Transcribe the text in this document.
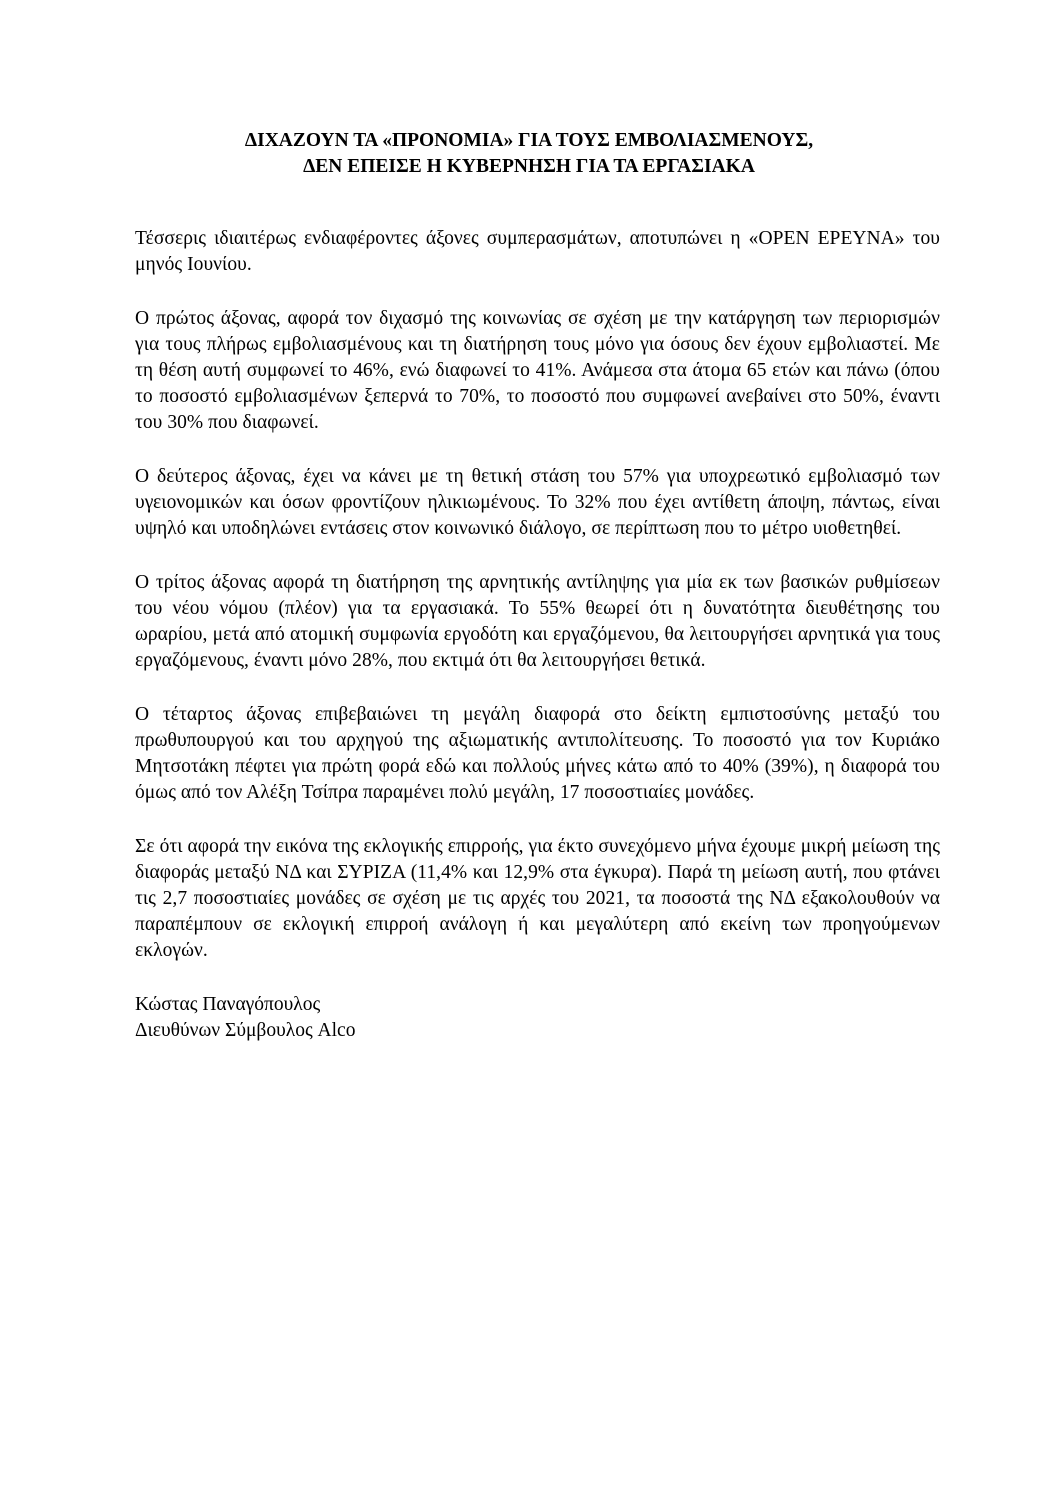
ΔΙΧΑΖΟΥΝ ΤΑ «ΠΡΟΝΟΜΙΑ» ΓΙΑ ΤΟΥΣ ΕΜΒΟΛΙΑΣΜΕΝΟΥΣ,
ΔΕΝ ΕΠΕΙΣΕ Η ΚΥΒΕΡΝΗΣΗ ΓΙΑ ΤΑ ΕΡΓΑΣΙΑΚΑ

Τέσσερις ιδιαιτέρως ενδιαφέροντες άξονες συμπερασμάτων, αποτυπώνει η «OPEN ΕΡΕΥΝΑ» του μηνός Ιουνίου.

Ο πρώτος άξονας, αφορά τον διχασμό της κοινωνίας σε σχέση με την κατάργηση των περιορισμών για τους πλήρως εμβολιασμένους και τη διατήρηση τους μόνο για όσους δεν έχουν εμβολιαστεί. Με τη θέση αυτή συμφωνεί το 46%, ενώ διαφωνεί το 41%. Ανάμεσα στα άτομα 65 ετών και πάνω (όπου το ποσοστό εμβολιασμένων ξεπερνά το 70%, το ποσοστό που συμφωνεί ανεβαίνει στο 50%, έναντι του 30% που διαφωνεί.

Ο δεύτερος άξονας, έχει να κάνει με τη θετική στάση του 57% για υποχρεωτικό εμβολιασμό των υγειονομικών και όσων φροντίζουν ηλικιωμένους. Το 32% που έχει αντίθετη άποψη, πάντως, είναι υψηλό και υποδηλώνει εντάσεις στον κοινωνικό διάλογο, σε περίπτωση που το μέτρο υιοθετηθεί.

Ο τρίτος άξονας αφορά τη διατήρηση της αρνητικής αντίληψης για μία εκ των βασικών ρυθμίσεων του νέου νόμου (πλέον) για τα εργασιακά. Το 55% θεωρεί ότι η δυνατότητα διευθέτησης του ωραρίου, μετά από ατομική συμφωνία εργοδότη και εργαζόμενου, θα λειτουργήσει αρνητικά για τους εργαζόμενους, έναντι μόνο 28%, που εκτιμά ότι θα λειτουργήσει θετικά.

Ο τέταρτος άξονας επιβεβαιώνει τη μεγάλη διαφορά στο δείκτη εμπιστοσύνης μεταξύ του πρωθυπουργού και του αρχηγού της αξιωματικής αντιπολίτευσης. Το ποσοστό για τον Κυριάκο Μητσοτάκη πέφτει για πρώτη φορά εδώ και πολλούς μήνες κάτω από το 40% (39%), η διαφορά του όμως από τον Αλέξη Τσίπρα παραμένει πολύ μεγάλη, 17 ποσοστιαίες μονάδες.

Σε ότι αφορά την εικόνα της εκλογικής επιρροής, για έκτο συνεχόμενο μήνα έχουμε μικρή μείωση της διαφοράς μεταξύ ΝΔ και ΣΥΡΙΖΑ (11,4% και 12,9% στα έγκυρα). Παρά τη μείωση αυτή, που φτάνει τις 2,7 ποσοστιαίες μονάδες σε σχέση με τις αρχές του 2021, τα ποσοστά της ΝΔ εξακολουθούν να παραπέμπουν σε εκλογική επιρροή ανάλογη ή και μεγαλύτερη από εκείνη των προηγούμενων εκλογών.

Κώστας Παναγόπουλος
Διευθύνων Σύμβουλος Alco
